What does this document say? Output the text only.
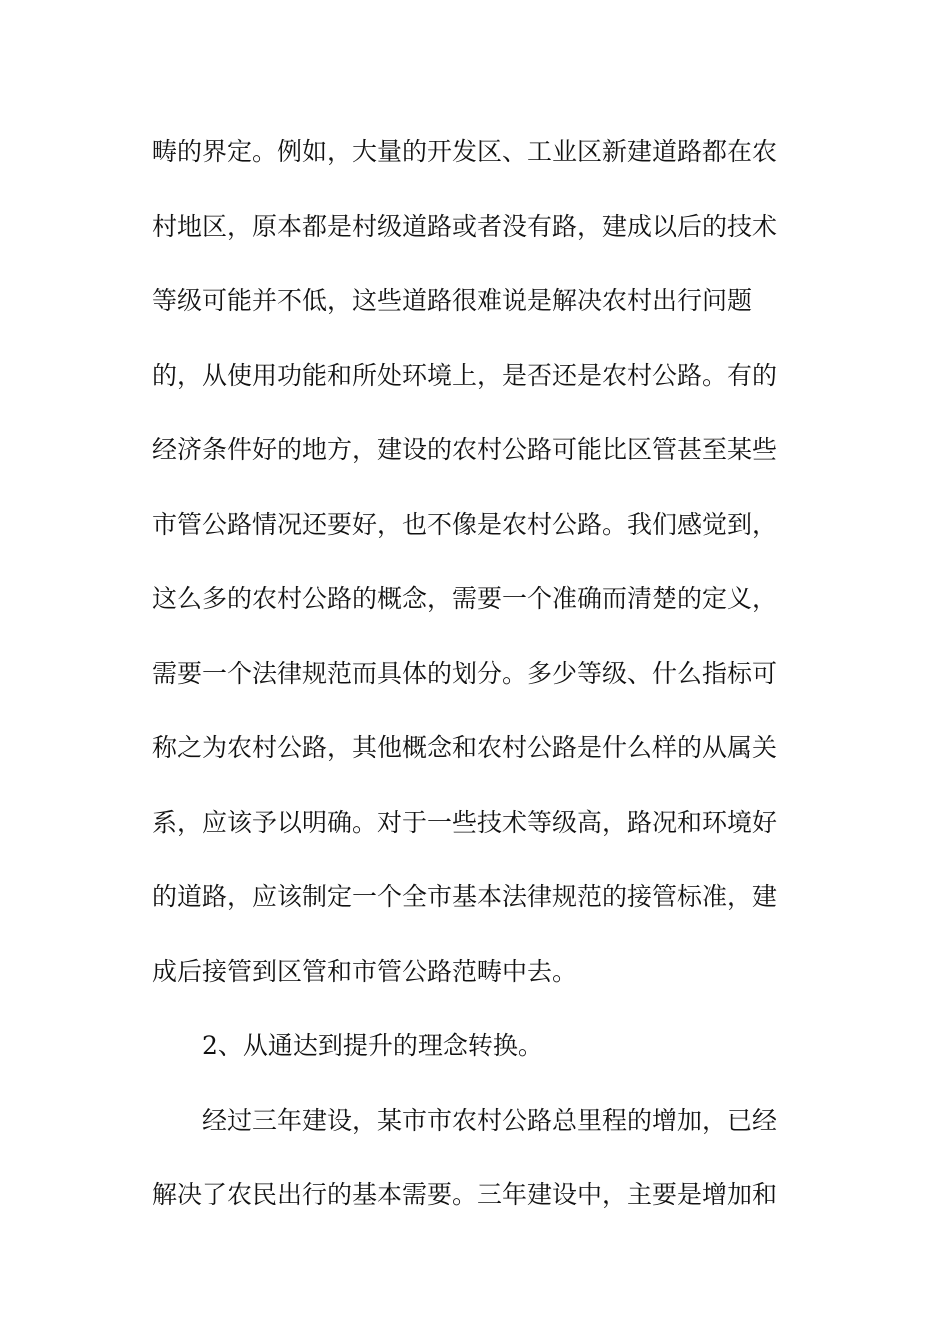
畴的界定。例如，大量的开发区、工业区新建道路都在农
村地区，原本都是村级道路或者没有路，建成以后的技术
等级可能并不低，这些道路很难说是解决农村出行问题
的，从使用功能和所处环境上，是否还是农村公路。有的
经济条件好的地方，建设的农村公路可能比区管甚至某些
市管公路情况还要好，也不像是农村公路。我们感觉到，
这么多的农村公路的概念，需要一个准确而清楚的定义，
需要一个法律规范而具体的划分。多少等级、什么指标可
称之为农村公路，其他概念和农村公路是什么样的从属关
系，应该予以明确。对于一些技术等级高，路况和环境好
的道路，应该制定一个全市基本法律规范的接管标准，建
成后接管到区管和市管公路范畴中去。
2、从通达到提升的理念转换。
经过三年建设，某市市农村公路总里程的增加，已经
解决了农民出行的基本需要。三年建设中，主要是增加和
